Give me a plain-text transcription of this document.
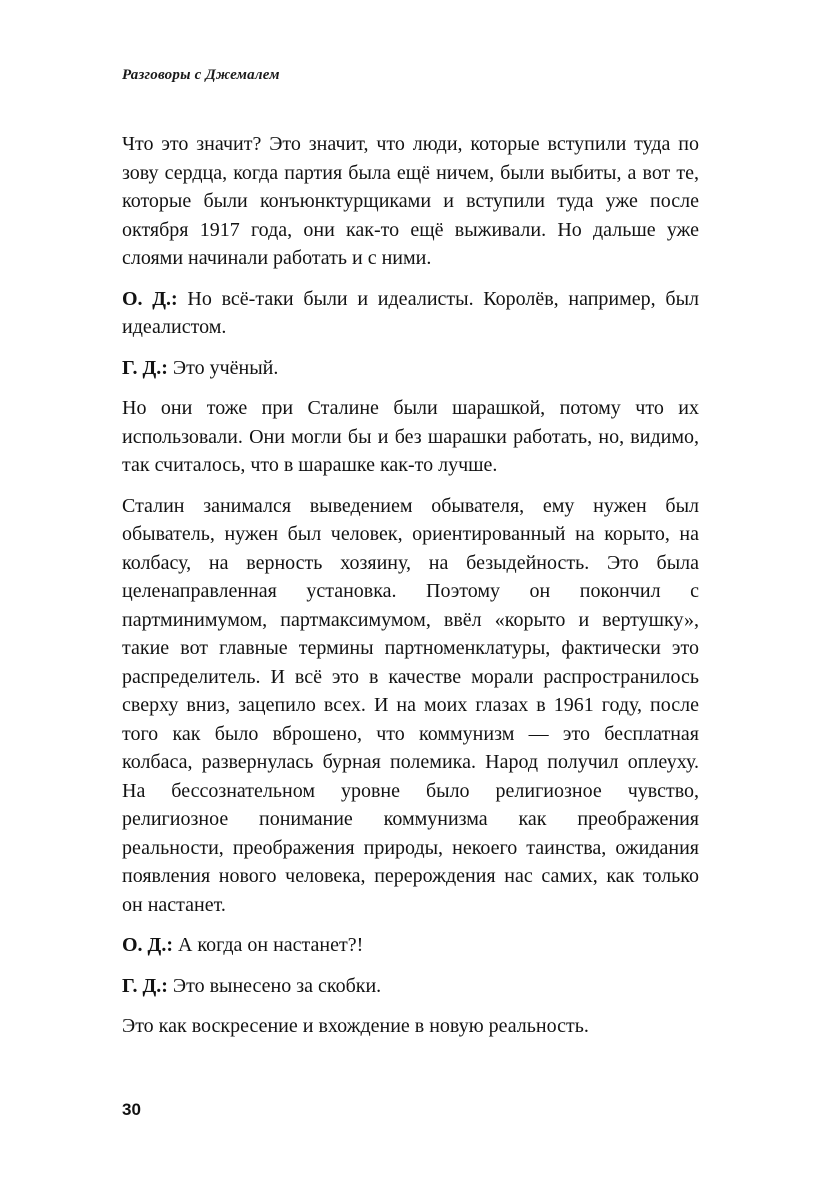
Разговоры с Джемалем

Что это значит? Это значит, что люди, которые вступили туда по зову сердца, когда партия была ещё ничем, были выбиты, а вот те, которые были конъюнктурщиками и вступили туда уже после октября 1917 года, они как-то ещё выживали. Но дальше уже слоями начинали работать и с ними.

О. Д.: Но всё-таки были и идеалисты. Королёв, например, был идеалистом.

Г. Д.: Это учёный.

Но они тоже при Сталине были шарашкой, потому что их использовали. Они могли бы и без шарашки работать, но, видимо, так считалось, что в шарашке как-то лучше.

Сталин занимался выведением обывателя, ему нужен был обыватель, нужен был человек, ориентированный на корыто, на колбасу, на верность хозяину, на безыдейность. Это была целенаправленная установка. Поэтому он покончил с партминимумом, партмаксимумом, ввёл «корыто и вертушку», такие вот главные термины партноменклатуры, фактически это распределитель. И всё это в качестве морали распространилось сверху вниз, зацепило всех. И на моих глазах в 1961 году, после того как было вброшено, что коммунизм — это бесплатная колбаса, развернулась бурная полемика. Народ получил оплеуху. На бессознательном уровне было религиозное чувство, религиозное понимание коммунизма как преображения реальности, преображения природы, некоего таинства, ожидания появления нового человека, перерождения нас самих, как только он настанет.

О. Д.: А когда он настанет?!

Г. Д.: Это вынесено за скобки.

Это как воскресение и вхождение в новую реальность.

30
